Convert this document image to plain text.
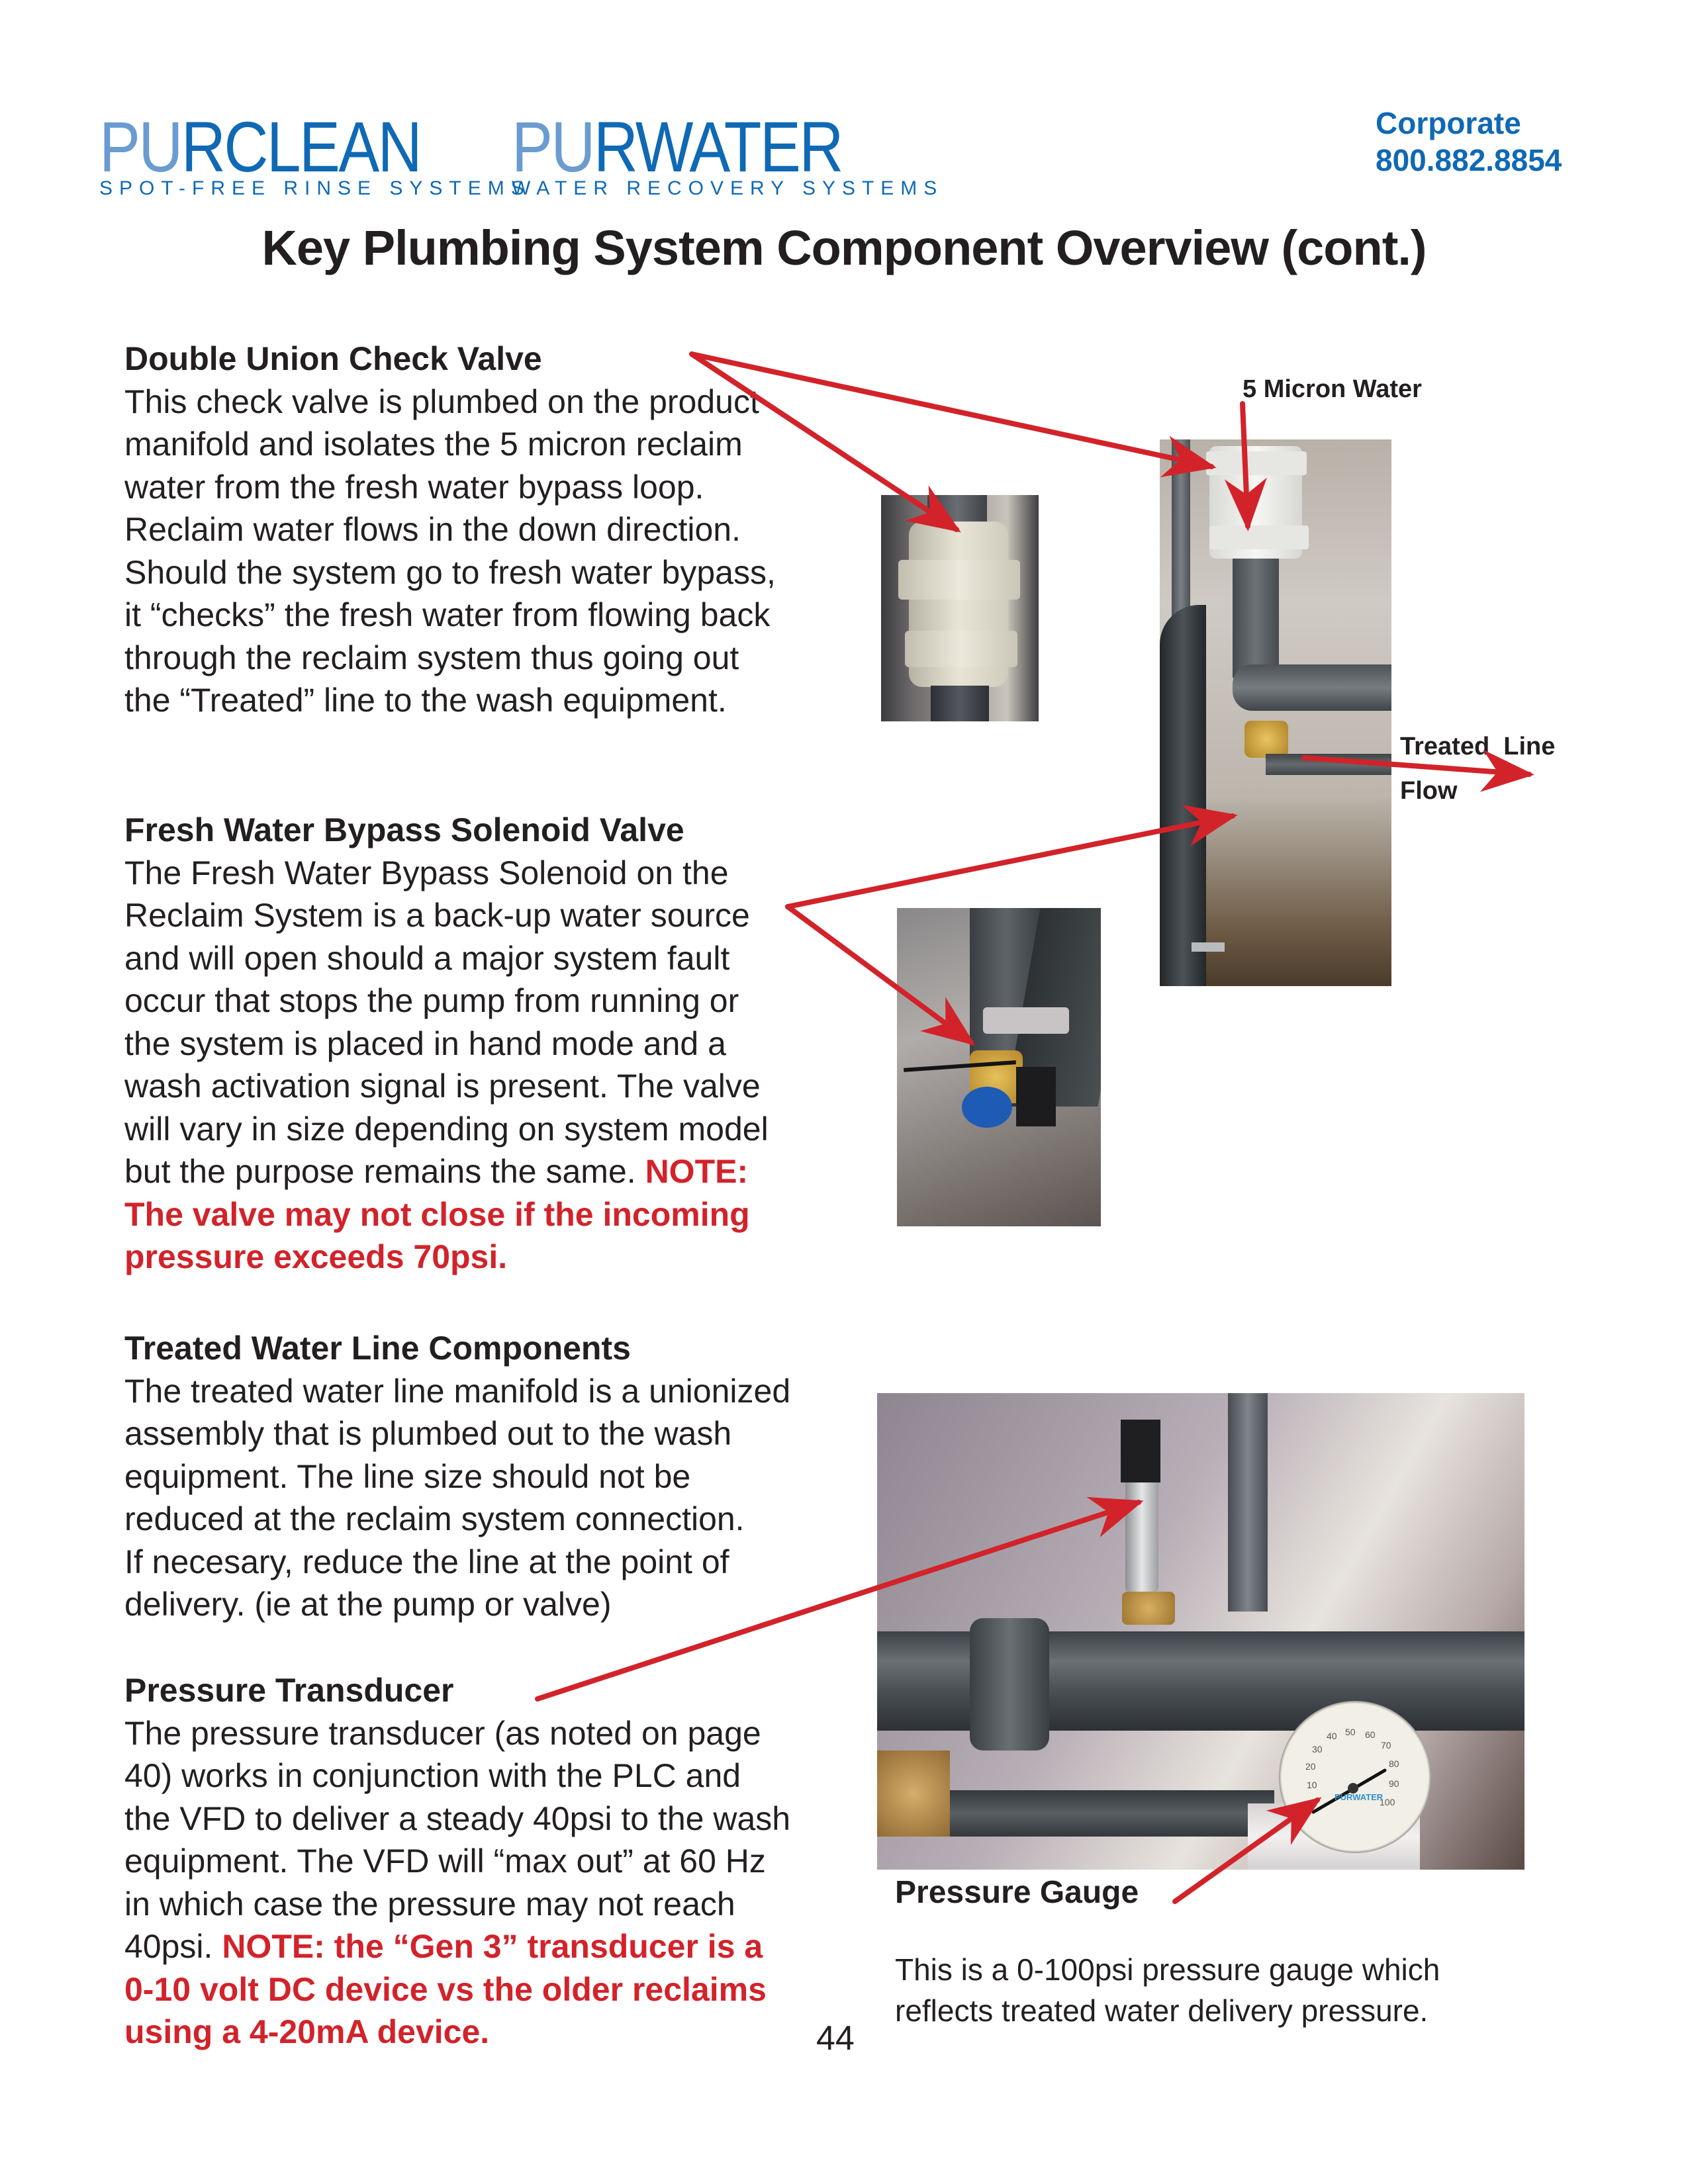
PURCLEAN
SPOT-FREE RINSE SYSTEMS
PURWATER
WATER RECOVERY SYSTEMS
Corporate
800.882.8854
Key Plumbing System Component Overview (cont.)
Double Union Check Valve

This check valve is plumbed on the product

manifold and isolates the 5 micron reclaim

water from the fresh water bypass loop.

Reclaim water flows in the down direction.

Should the system go to fresh water bypass,

it “checks” the fresh water from flowing back

through the reclaim system thus going out

the “Treated” line to the wash equipment.

Fresh Water Bypass Solenoid Valve

The Fresh Water Bypass Solenoid on the

Reclaim System is a back-up water source

and will open should a major system fault

occur that stops the pump from running or

the system is placed in hand mode and a

wash activation signal is present. The valve

will vary in size depending on system model

but the purpose remains the same. NOTE:

The valve may not close if the incoming

pressure exceeds 70psi.

Treated Water Line Components

The treated water line manifold is a unionized

assembly that is plumbed out to the wash

equipment. The line size should not be

reduced at the reclaim system connection.

If necesary, reduce the line at the point of

delivery. (ie at the pump or valve)

Pressure Transducer

The pressure transducer (as noted on page

40) works in conjunction with the PLC and

the VFD to deliver a steady 40psi to the wash

equipment. The VFD will “max out” at 60 Hz

in which case the pressure may not reach

40psi. NOTE: the “Gen 3” transducer is a

0-10 volt DC device vs the older reclaims

using a 4-20mA device.

0
10
20
30
40 50 60
70
80
90
100
PURWATER
5 Micron Water
Treated  Line
Flow
Pressure Gauge
This is a 0-100psi pressure gauge which
reflects treated water delivery pressure.
44
